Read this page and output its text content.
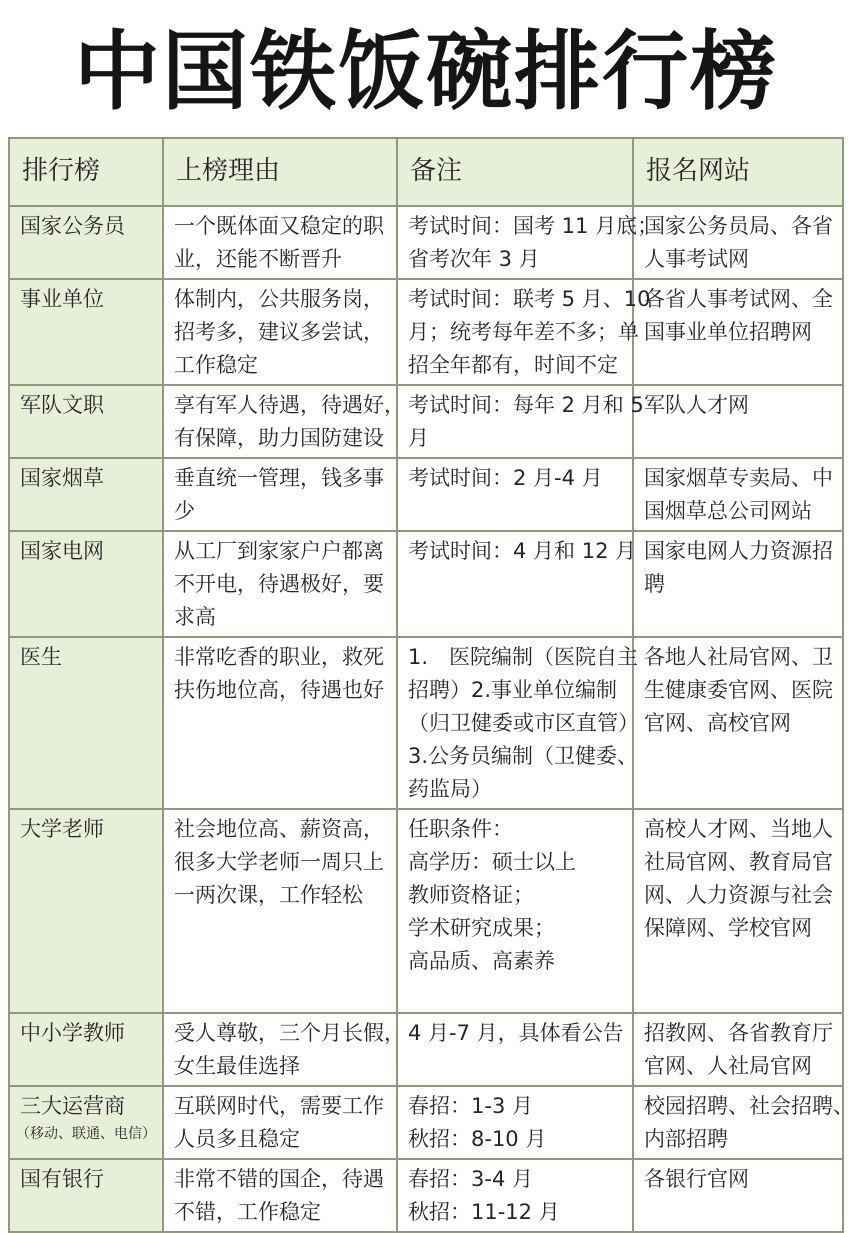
中国铁饭碗排行榜
排行榜	上榜理由	备注	报名网站

国家公务员	一个既体面又稳定的职
业，还能不断晋升	考试时间：国考 11 月底；
省考次年 3 月	国家公务员局、各省
人事考试网

事业单位	体制内，公共服务岗，
招考多，建议多尝试，
工作稳定	考试时间：联考 5 月、10
月；统考每年差不多；单
招全年都有，时间不定	各省人事考试网、全
国事业单位招聘网

军队文职	享有军人待遇，待遇好，
有保障，助力国防建设	考试时间：每年 2 月和 5
月	军队人才网

国家烟草	垂直统一管理，钱多事
少	考试时间：2 月-4 月	国家烟草专卖局、中
国烟草总公司网站

国家电网	从工厂到家家户户都离
不开电，待遇极好，要
求高	考试时间：4 月和 12 月	国家电网人力资源招
聘

医生	非常吃香的职业，救死
扶伤地位高，待遇也好	1.　医院编制（医院自主
招聘）2.事业单位编制
（归卫健委或市区直管）
3.公务员编制（卫健委、
药监局）	各地人社局官网、卫
生健康委官网、医院
官网、高校官网

大学老师	社会地位高、薪资高，
很多大学老师一周只上
一两次课，工作轻松	任职条件：
高学历：硕士以上
教师资格证；
学术研究成果；
高品质、高素养	高校人才网、当地人
社局官网、教育局官
网、人力资源与社会
保障网、学校官网

中小学教师	受人尊敬，三个月长假，
女生最佳选择	4 月-7 月，具体看公告	招教网、各省教育厅
官网、人社局官网

三大运营商
（移动、联通、电信）	互联网时代，需要工作
人员多且稳定	春招：1-3 月
秋招：8-10 月	校园招聘、社会招聘、
内部招聘

国有银行	非常不错的国企，待遇
不错，工作稳定	春招：3-4 月
秋招：11-12 月	各银行官网
